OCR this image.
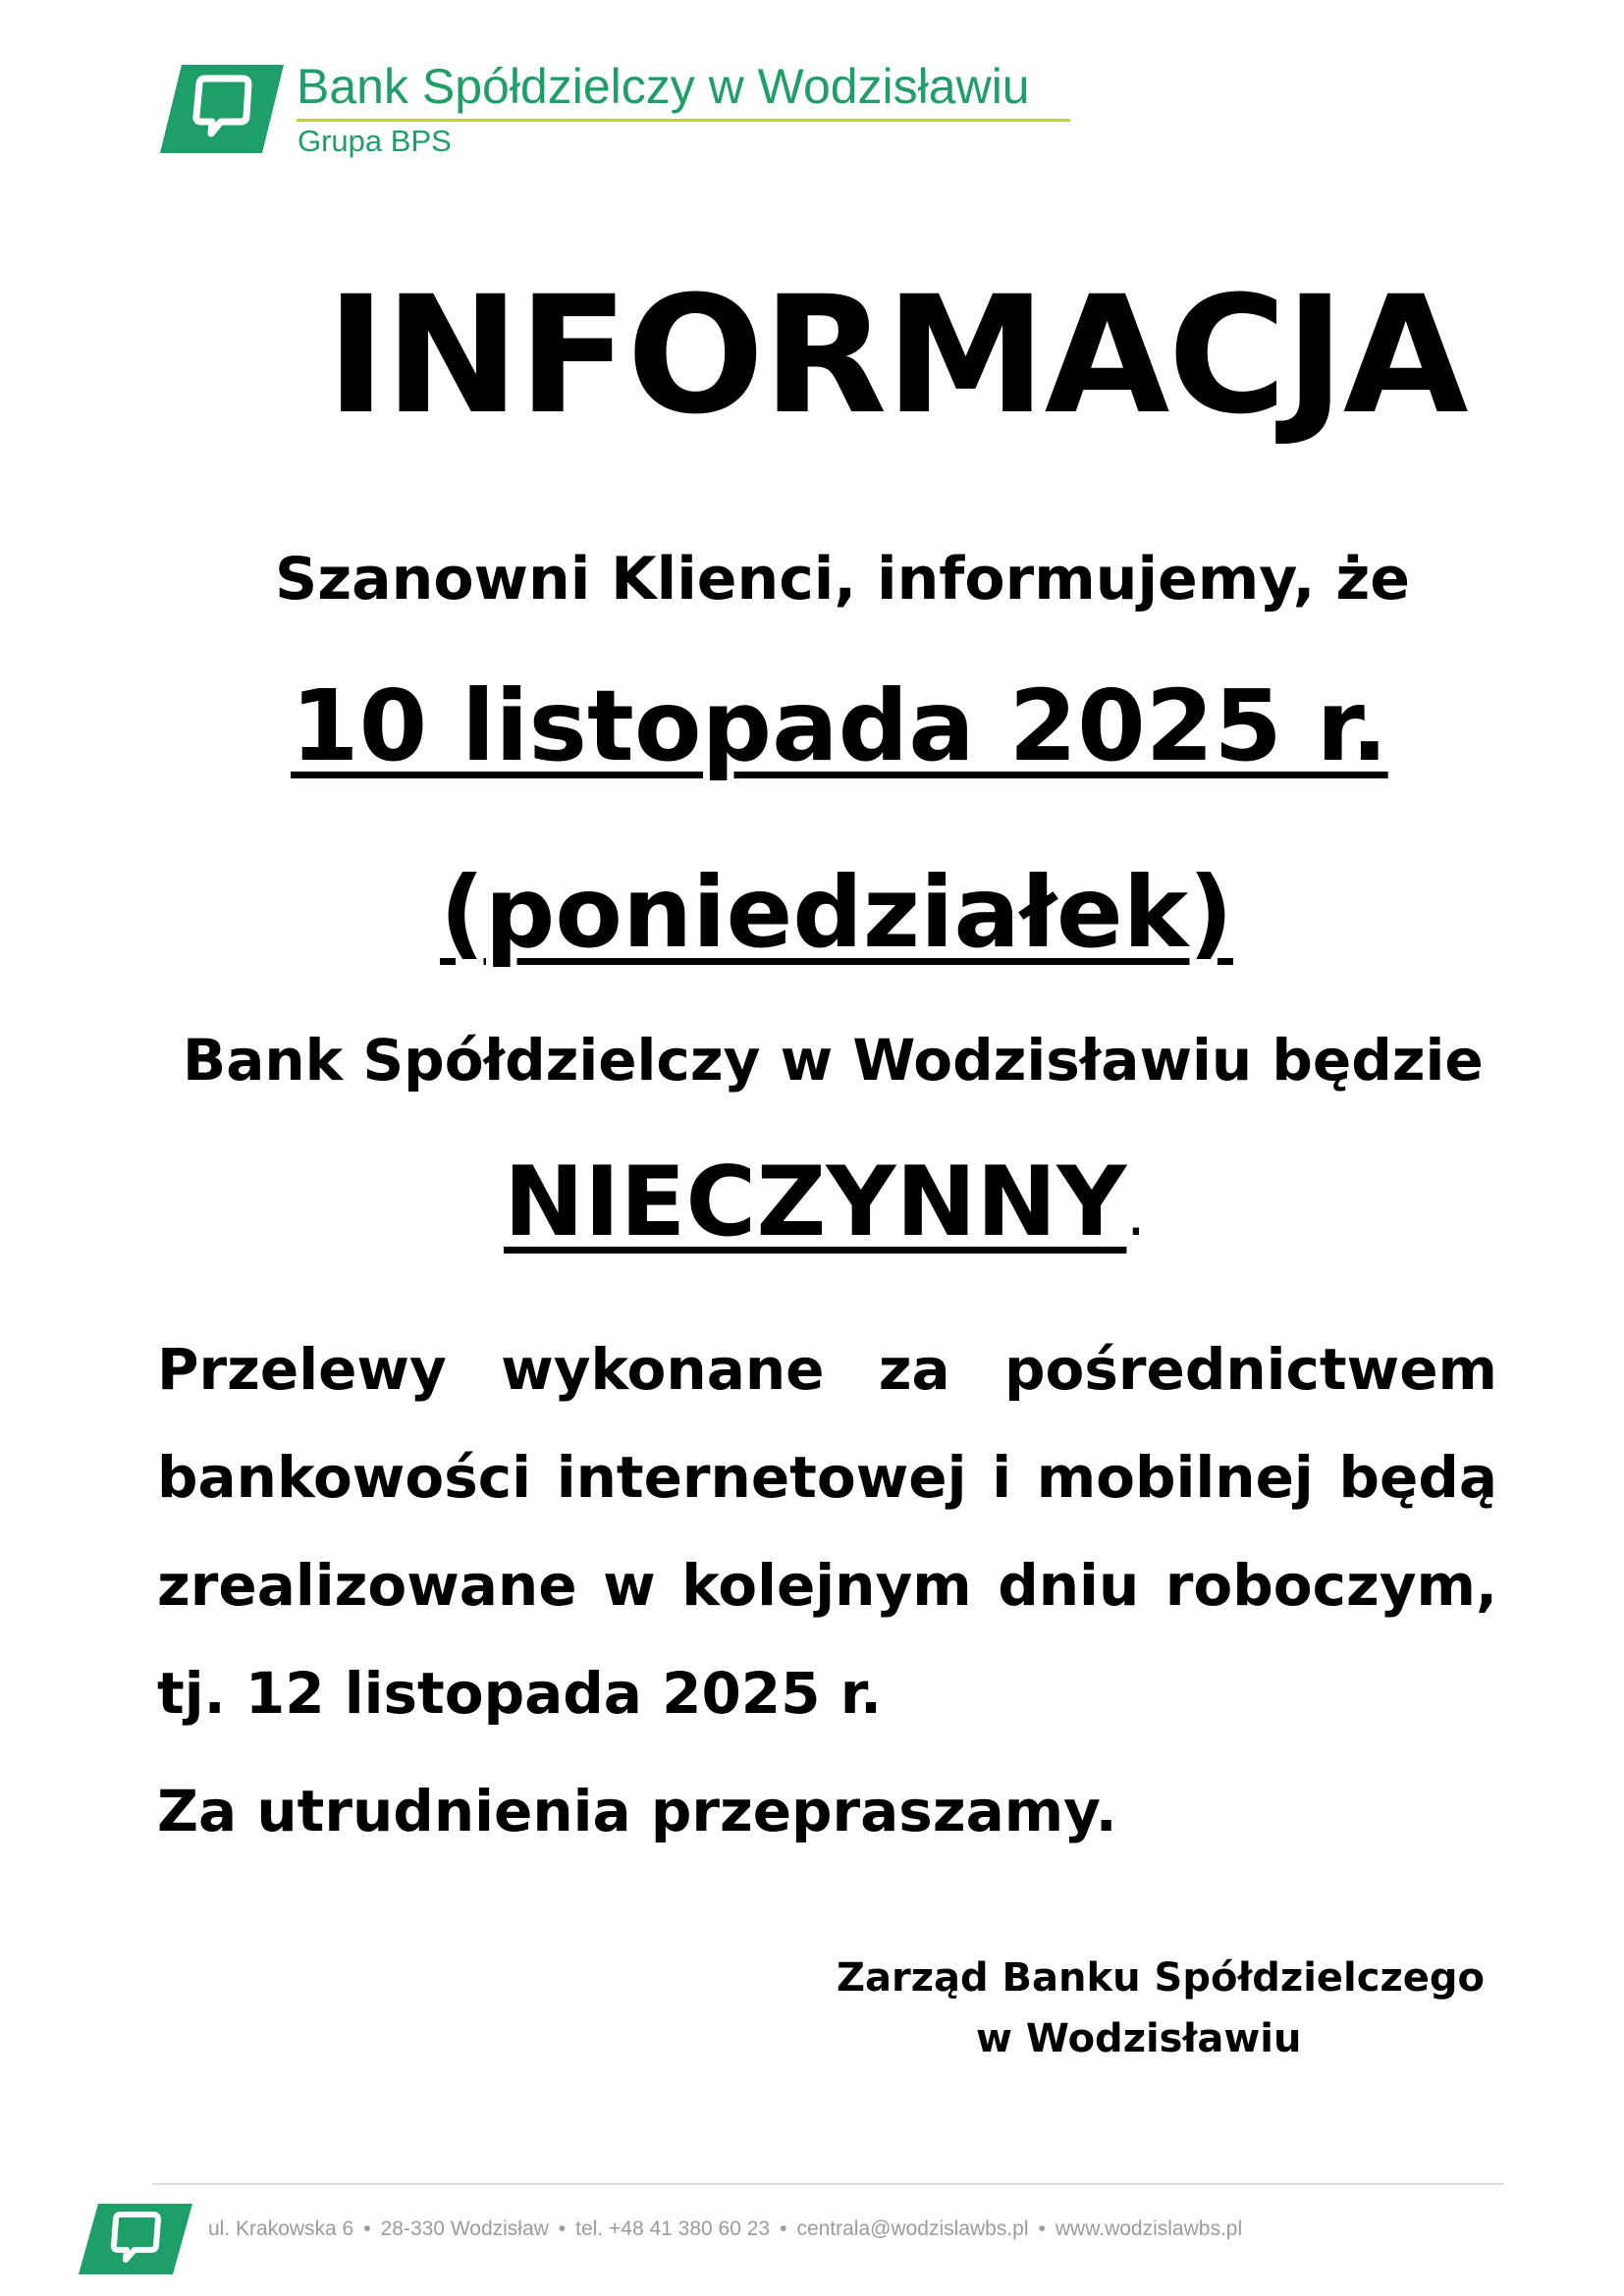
Bank Spółdzielczy w Wodzisławiu
Grupa BPS
INFORMACJA
Szanowni Klienci, informujemy, że
10 listopada 2025 r.
(poniedziałek)
Bank Spółdzielczy w Wodzisławiu będzie
NIECZYNNY.
Przelewy wykonane za pośrednictwem
bankowości internetowej i mobilnej będą
zrealizowane w kolejnym dniu roboczym,
tj. 12 listopada 2025 r.
Za utrudnienia przepraszamy.
Zarząd Banku Spółdzielczego
w Wodzisławiu
ul. Krakowska 6 • 28-330 Wodzisław • tel. +48 41 380 60 23 • centrala@wodzislawbs.pl • www.wodzislawbs.pl
